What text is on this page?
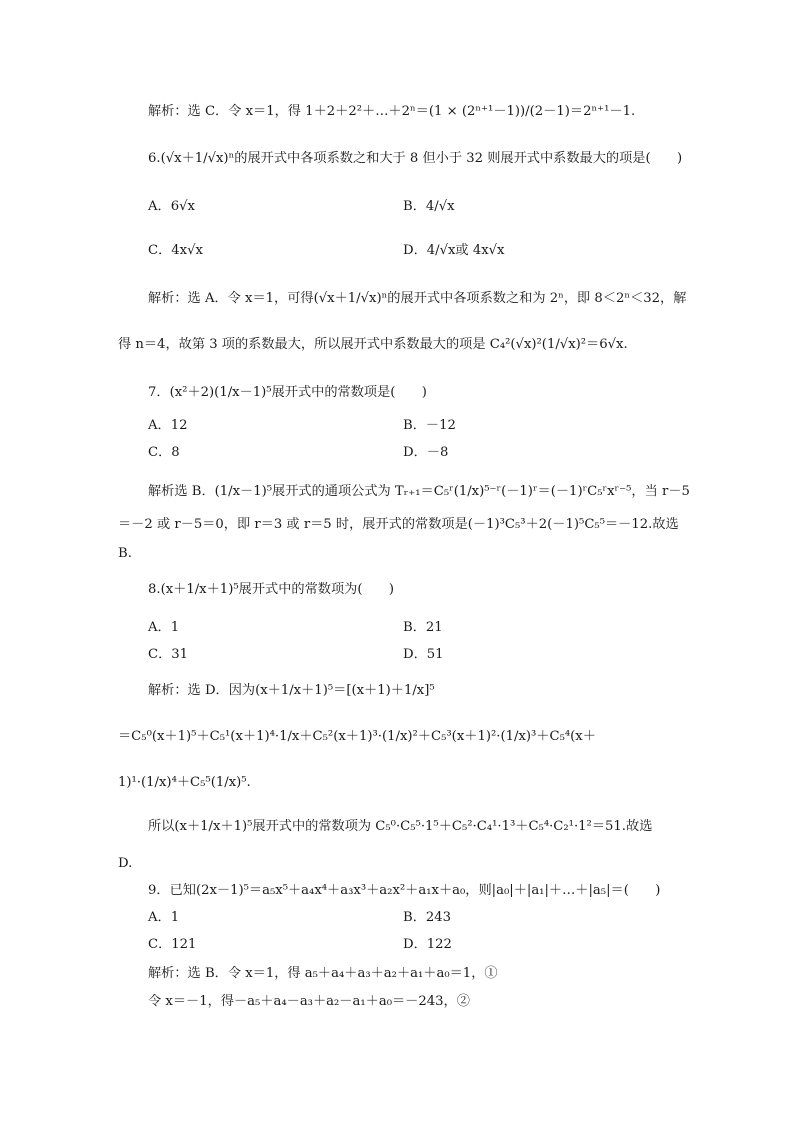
解析：选 C．令 x＝1，得 1＋2＋2²＋…＋2ⁿ＝(1 × (2ⁿ⁺¹－1))/(2－1)＝2ⁿ⁺¹－1.
6.(√x＋1/√x)ⁿ的展开式中各项系数之和大于 8 但小于 32 则展开式中系数最大的项是(　　)
A．6√x	B．4/√x
C．4x√x	D．4/√x或 4x√x
解析：选 A．令 x＝1，可得(√x＋1/√x)ⁿ的展开式中各项系数之和为 2ⁿ，即 8＜2ⁿ＜32，解
得 n＝4，故第 3 项的系数最大，所以展开式中系数最大的项是 C₄²(√x)²(1/√x)²＝6√x.
7．(x²＋2)(1/x－1)⁵展开式中的常数项是(　　)
A．12	B．－12
C．8	D．－8
解析选 B．(1/x－1)⁵展开式的通项公式为 Tᵣ₊₁＝C₅ʳ(1/x)⁵⁻ʳ(－1)ʳ＝(－1)ʳC₅ʳxʳ⁻⁵，当 r－5
＝－2 或 r－5＝0，即 r＝3 或 r＝5 时，展开式的常数项是(－1)³C₅³＋2(－1)⁵C₅⁵＝－12.故选
B.
8.(x＋1/x＋1)⁵展开式中的常数项为(　　)
A．1	B．21
C．31	D．51
解析：选 D．因为(x＋1/x＋1)⁵＝[(x＋1)＋1/x]⁵
＝C₅⁰(x＋1)⁵＋C₅¹(x＋1)⁴·1/x＋C₅²(x＋1)³·(1/x)²＋C₅³(x＋1)²·(1/x)³＋C₅⁴(x＋
1)¹·(1/x)⁴＋C₅⁵(1/x)⁵.
所以(x＋1/x＋1)⁵展开式中的常数项为 C₅⁰·C₅⁵·1⁵＋C₅²·C₄¹·1³＋C₅⁴·C₂¹·1²＝51.故选
D.
9．已知(2x－1)⁵＝a₅x⁵＋a₄x⁴＋a₃x³＋a₂x²＋a₁x＋a₀，则|a₀|＋|a₁|＋…＋|a₅|＝(　　)
A．1	B．243
C．121	D．122
解析：选 B．令 x＝1，得 a₅＋a₄＋a₃＋a₂＋a₁＋a₀＝1，①
令 x＝－1，得－a₅＋a₄－a₃＋a₂－a₁＋a₀＝－243，②
